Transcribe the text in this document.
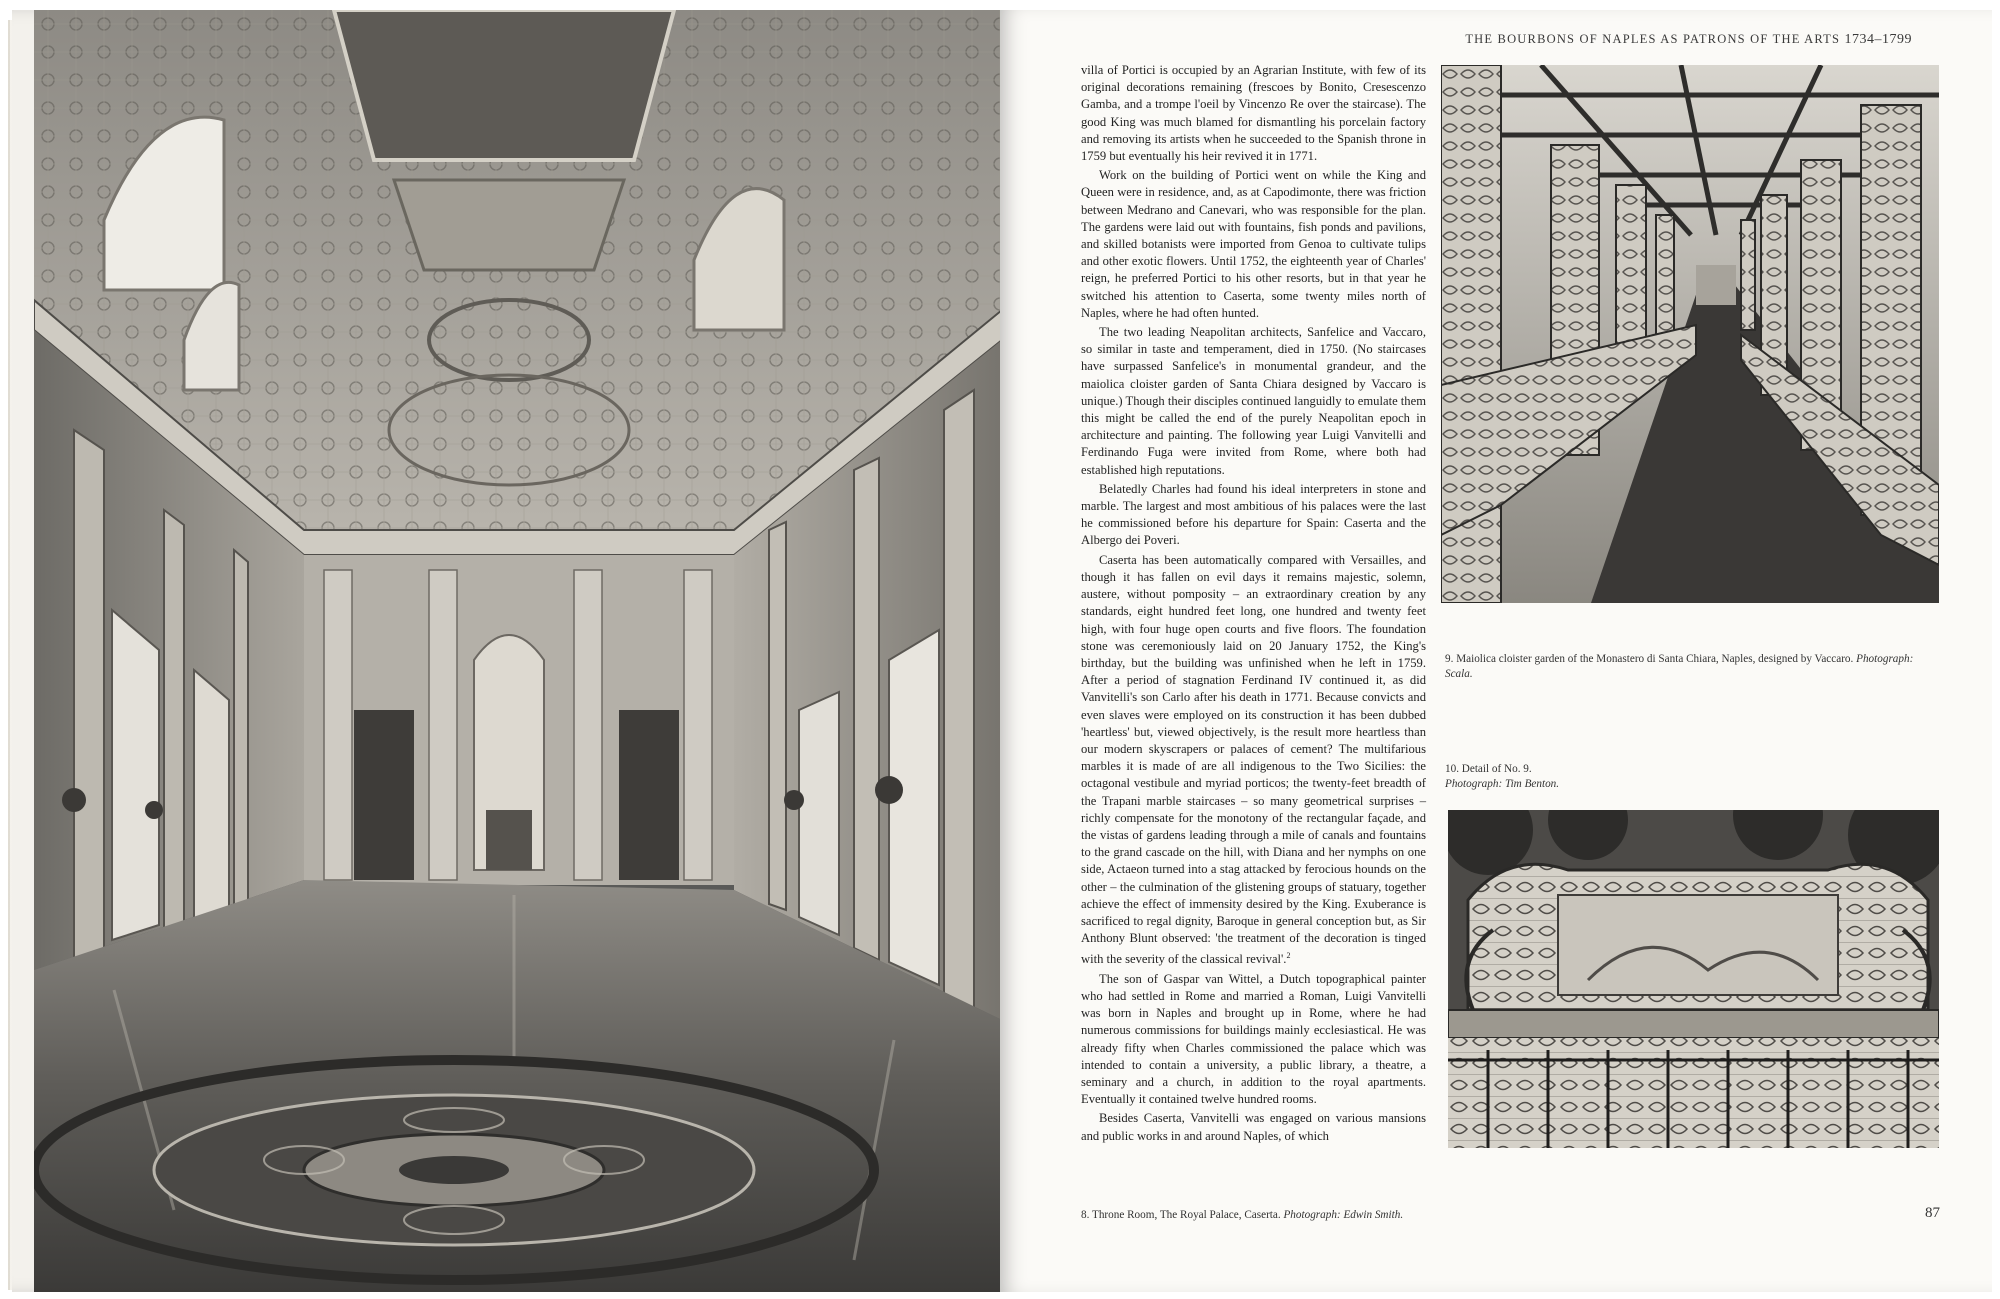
THE BOURBONS OF NAPLES AS PATRONS OF THE ARTS 1734–1799

villa of Portici is occupied by an Agrarian Institute, with few of its original decorations remaining (frescoes by Bonito, Cresescenzo Gamba, and a trompe l'oeil by Vincenzo Re over the staircase). The good King was much blamed for dismantling his porcelain factory and removing its artists when he succeeded to the Spanish throne in 1759 but eventually his heir revived it in 1771.

Work on the building of Portici went on while the King and Queen were in residence, and, as at Capodimonte, there was friction between Medrano and Canevari, who was responsible for the plan. The gardens were laid out with fountains, fish ponds and pavilions, and skilled botanists were imported from Genoa to cultivate tulips and other exotic flowers. Until 1752, the eighteenth year of Charles' reign, he preferred Portici to his other resorts, but in that year he switched his attention to Caserta, some twenty miles north of Naples, where he had often hunted.

The two leading Neapolitan architects, Sanfelice and Vaccaro, so similar in taste and temperament, died in 1750. (No staircases have surpassed Sanfelice's in monumental grandeur, and the maiolica cloister garden of Santa Chiara designed by Vaccaro is unique.) Though their disciples continued languidly to emulate them this might be called the end of the purely Neapolitan epoch in architecture and painting. The following year Luigi Vanvitelli and Ferdinando Fuga were invited from Rome, where both had established high reputations.

Belatedly Charles had found his ideal interpreters in stone and marble. The largest and most ambitious of his palaces were the last he commissioned before his departure for Spain: Caserta and the Albergo dei Poveri.

Caserta has been automatically compared with Versailles, and though it has fallen on evil days it remains majestic, solemn, austere, without pomposity – an extraordinary creation by any standards, eight hundred feet long, one hundred and twenty feet high, with four huge open courts and five floors. The foundation stone was ceremoniously laid on 20 January 1752, the King's birthday, but the building was unfinished when he left in 1759. After a period of stagnation Ferdinand IV continued it, as did Vanvitelli's son Carlo after his death in 1771. Because convicts and even slaves were employed on its construction it has been dubbed 'heartless' but, viewed objectively, is the result more heartless than our modern skyscrapers or palaces of cement? The multifarious marbles it is made of are all indigenous to the Two Sicilies: the octagonal vestibule and myriad porticos; the twenty-feet breadth of the Trapani marble staircases – so many geometrical surprises – richly compensate for the monotony of the rectangular façade, and the vistas of gardens leading through a mile of canals and fountains to the grand cascade on the hill, with Diana and her nymphs on one side, Actaeon turned into a stag attacked by ferocious hounds on the other – the culmination of the glistening groups of statuary, together achieve the effect of immensity desired by the King. Exuberance is sacrificed to regal dignity, Baroque in general conception but, as Sir Anthony Blunt observed: 'the treatment of the decoration is tinged with the severity of the classical revival'.$^2$

The son of Gaspar van Wittel, a Dutch topographical painter who had settled in Rome and married a Roman, Luigi Vanvitelli was born in Naples and brought up in Rome, where he had numerous commissions for buildings mainly ecclesiastical. He was already fifty when Charles commissioned the palace which was intended to contain a university, a public library, a theatre, a seminary and a church, in addition to the royal apartments. Eventually it contained twelve hundred rooms.

Besides Caserta, Vanvitelli was engaged on various mansions and public works in and around Naples, of which

9. Maiolica cloister garden of the Monastero di Santa Chiara, Naples, designed by Vaccaro. Photograph: Scala.
10. Detail of No. 9.
Photograph: Tim Benton.
8. Throne Room, The Royal Palace, Caserta. Photograph: Edwin Smith.	87
